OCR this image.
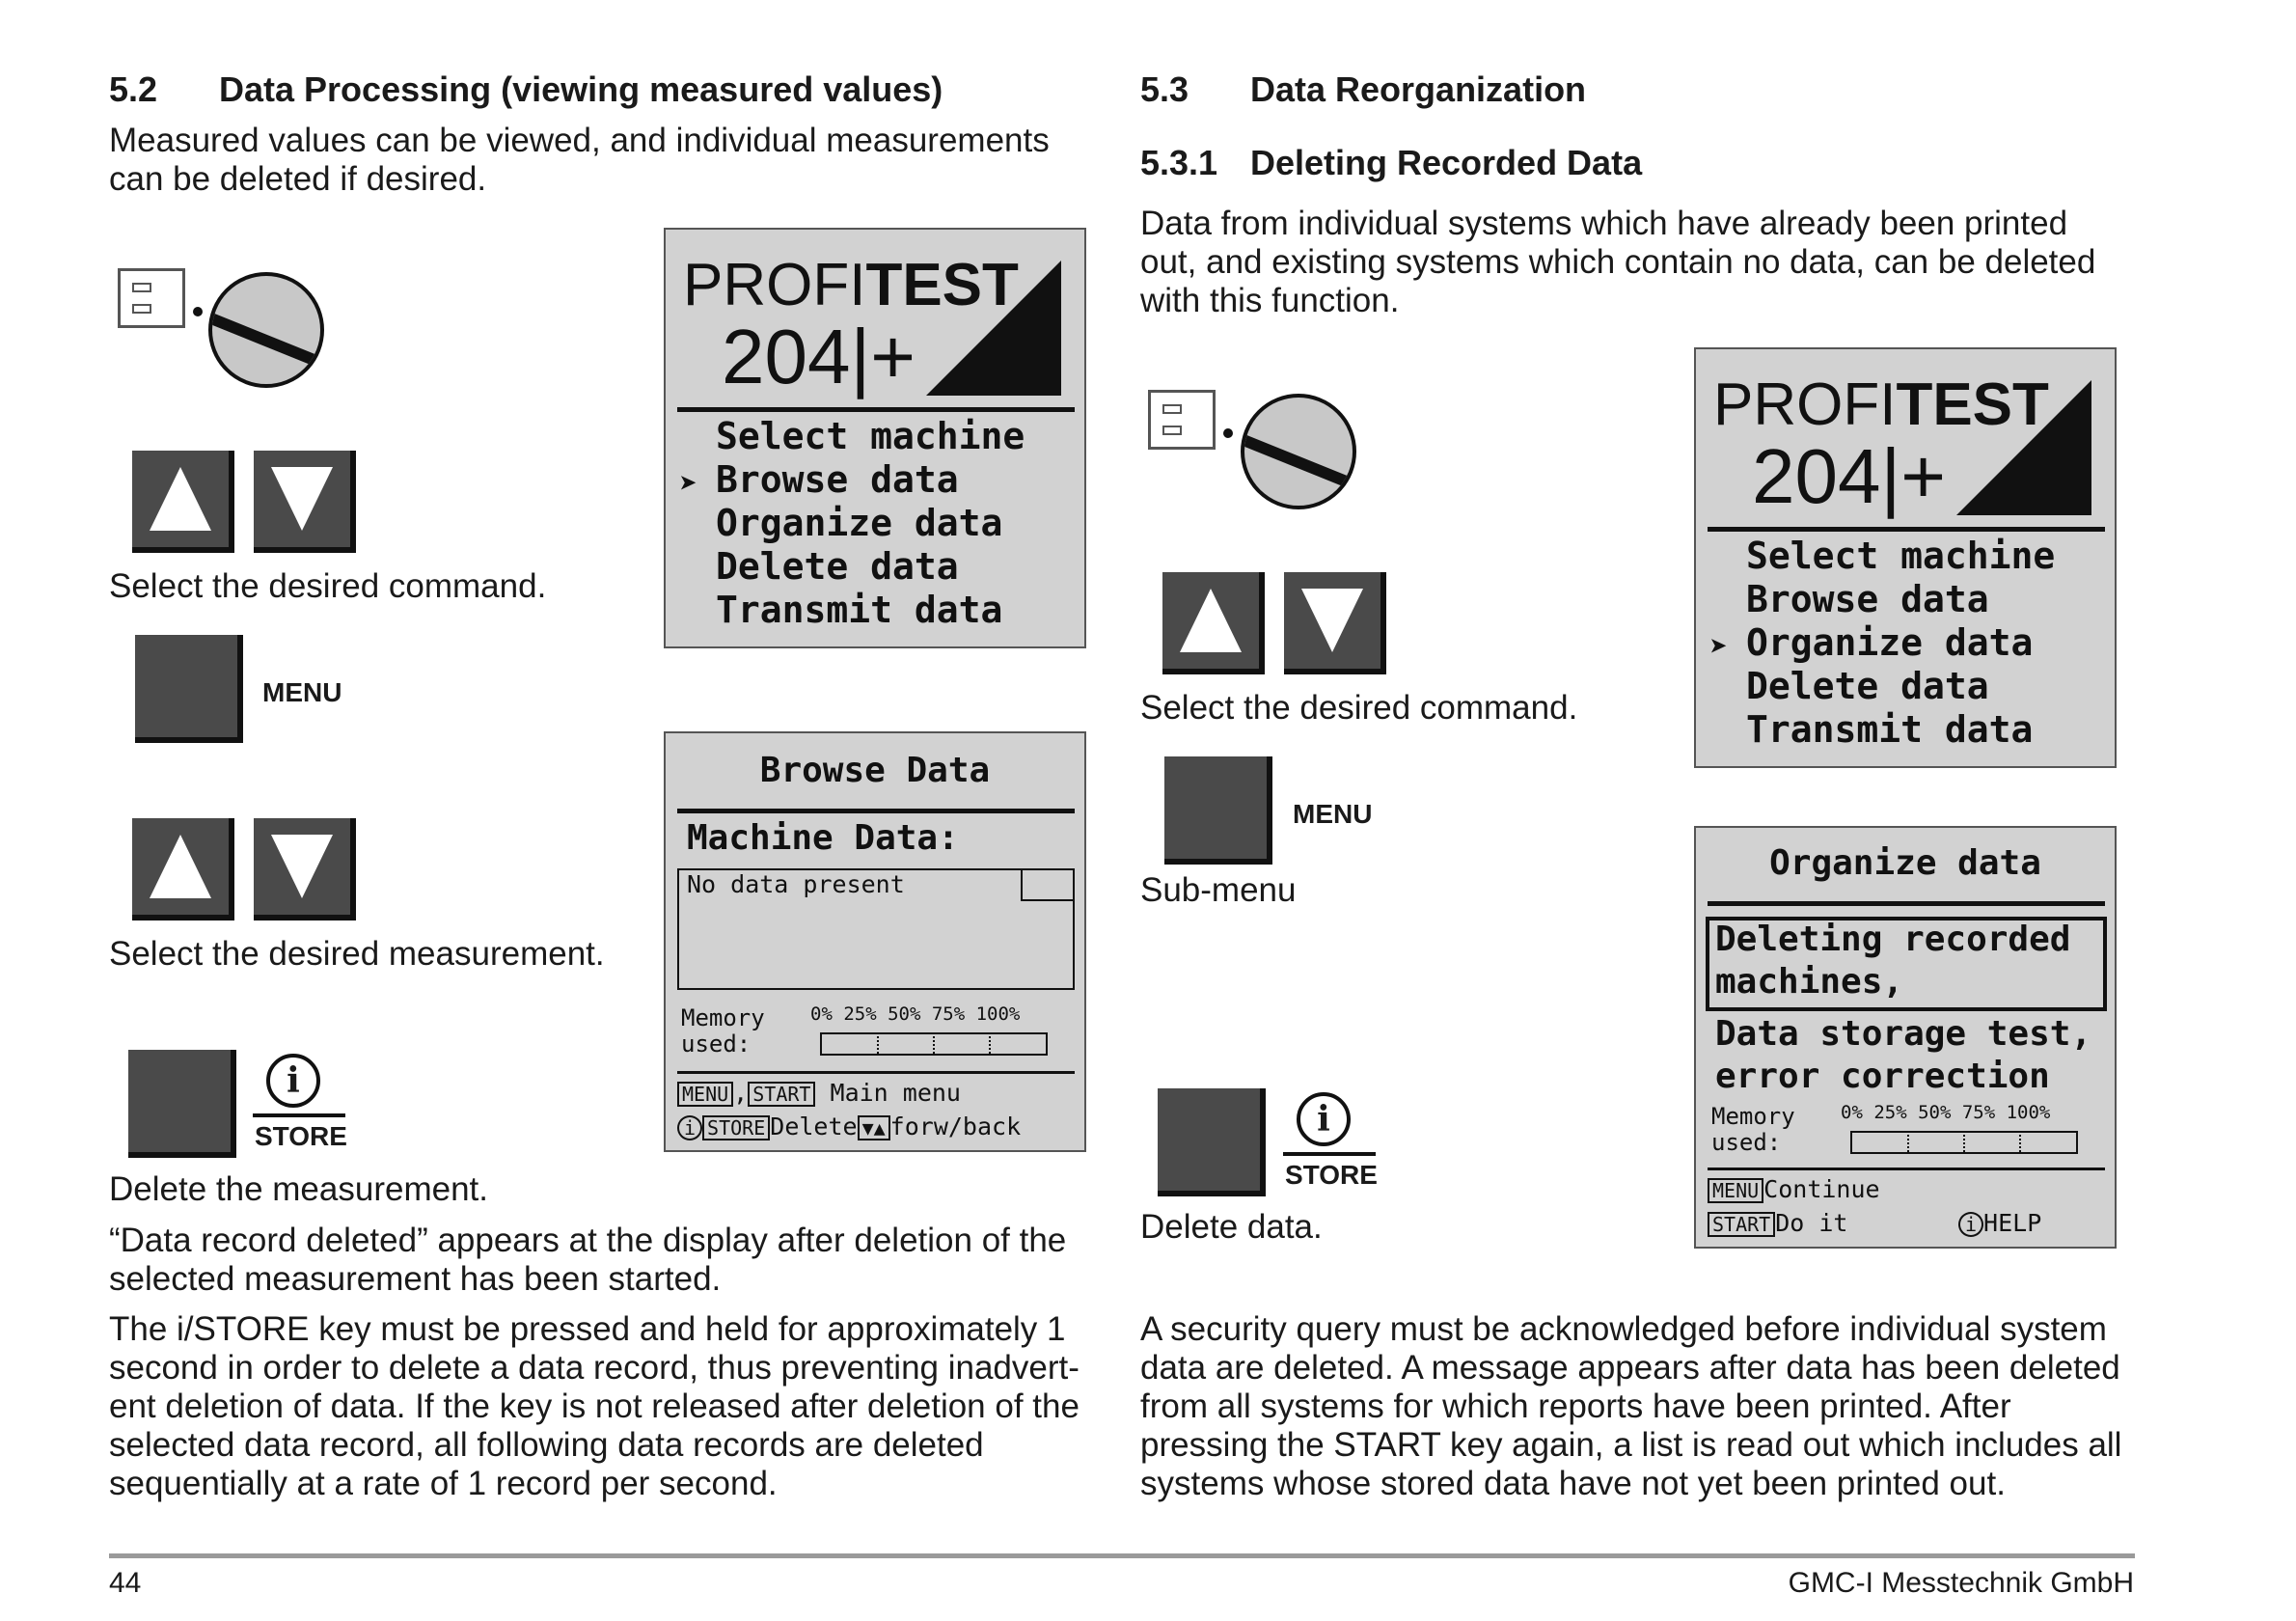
5.2 Data Processing (viewing measured values)
Measured values can be viewed, and individual measurements can be deleted if desired.
Select the desired command.
MENU
Select the desired measurement.
i
STORE
Delete the measurement.
“Data record deleted” appears at the display after deletion of the selected measurement has been started.
The i/STORE key must be pressed and held for approximately 1 second in order to delete a data record, thus preventing inadvert-ent deletion of data. If the key is not released after deletion of the selected data record, all following data records are deleted sequentially at a rate of 1 record per second.
PROFITEST
204|+
Select machine
➤ Browse data
Organize data
Delete data
Transmit data
Browse Data
Machine Data:
No data present
Memory
used:
0% 25% 50% 75% 100%
MENU , START Main menu
i STORE Delete ▼▲ forw/back
5.3 Data Reorganization
5.3.1 Deleting Recorded Data
Data from individual systems which have already been printed out, and existing systems which contain no data, can be deleted with this function.
Select the desired command.
MENU
Sub-menu
i
STORE
Delete data.
A security query must be acknowledged before individual system data are deleted. A message appears after data has been deleted from all systems for which reports have been printed. After pressing the START key again, a list is read out which includes all systems whose stored data have not yet been printed out.
PROFITEST
204|+
Select machine
Browse data
➤ Organize data
Delete data
Transmit data
Organize data
Deleting recorded
machines,
Data storage test,
error correction
Memory
used:
0% 25% 50% 75% 100%
MENU Continue
START Do it	i HELP
44	GMC-I Messtechnik GmbH
